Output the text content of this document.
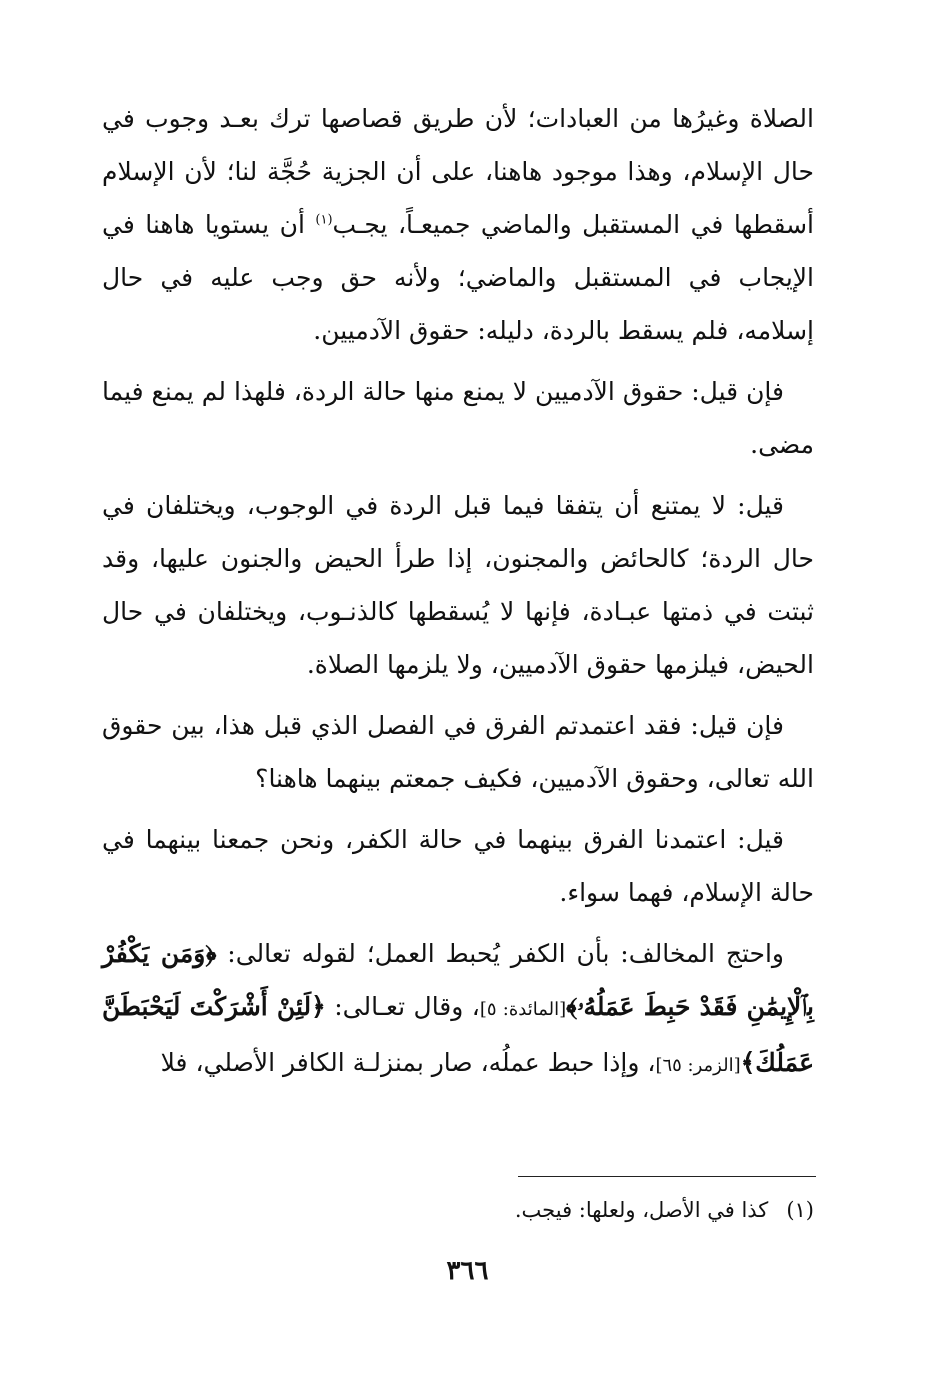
الصلاة وغيرُها من العبادات؛ لأن طريق قصاصها ترك بعـد وجوب في حال الإسلام، وهذا موجود هاهنا، على أن الجزية حُجَّة لنا؛ لأن الإسلام أسقطها في المستقبل والماضي جميعـاً، يجـب$^{(١)}$ أن يستويا هاهنا في الإيجاب في المستقبل والماضي؛ ولأنه حق وجب عليه في حال إسلامه، فلم يسقط بالردة، دليله: حقوق الآدميين.

فإن قيل: حقوق الآدميين لا يمنع منها حالة الردة، فلهذا لم يمنع فيما مضى.

قيل: لا يمتنع أن يتفقا فيما قبل الردة في الوجوب، ويختلفان في حال الردة؛ كالحائض والمجنون، إذا طرأ الحيض والجنون عليها، وقد ثبتت في ذمتها عبـادة، فإنها لا يُسقطها كالذنـوب، ويختلفان في حال الحيض، فيلزمها حقوق الآدميين، ولا يلزمها الصلاة.

فإن قيل: فقد اعتمدتم الفرق في الفصل الذي قبل هذا، بين حقوق الله تعالى، وحقوق الآدميين، فكيف جمعتم بينهما هاهنا؟

قيل: اعتمدنا الفرق بينهما في حالة الكفر، ونحن جمعنا بينهما في حالة الإسلام، فهما سواء.

واحتج المخالف: بأن الكفر يُحبط العمل؛ لقوله تعالى: ﴿وَمَن يَكْفُرْ بِٱلْإِيمَٰنِ فَقَدْ حَبِطَ عَمَلُهُۥ﴾[المائدة: ٥]، وقال تعـالى: ﴿لَئِنْ أَشْرَكْتَ لَيَحْبَطَنَّ عَمَلُكَ﴾[الزمر: ٦٥]، وإذا حبط عملُه، صار بمنزلـة الكافر الأصلي، فلا

(١)كذا في الأصل، ولعلها: فيجب.
٣٦٦
